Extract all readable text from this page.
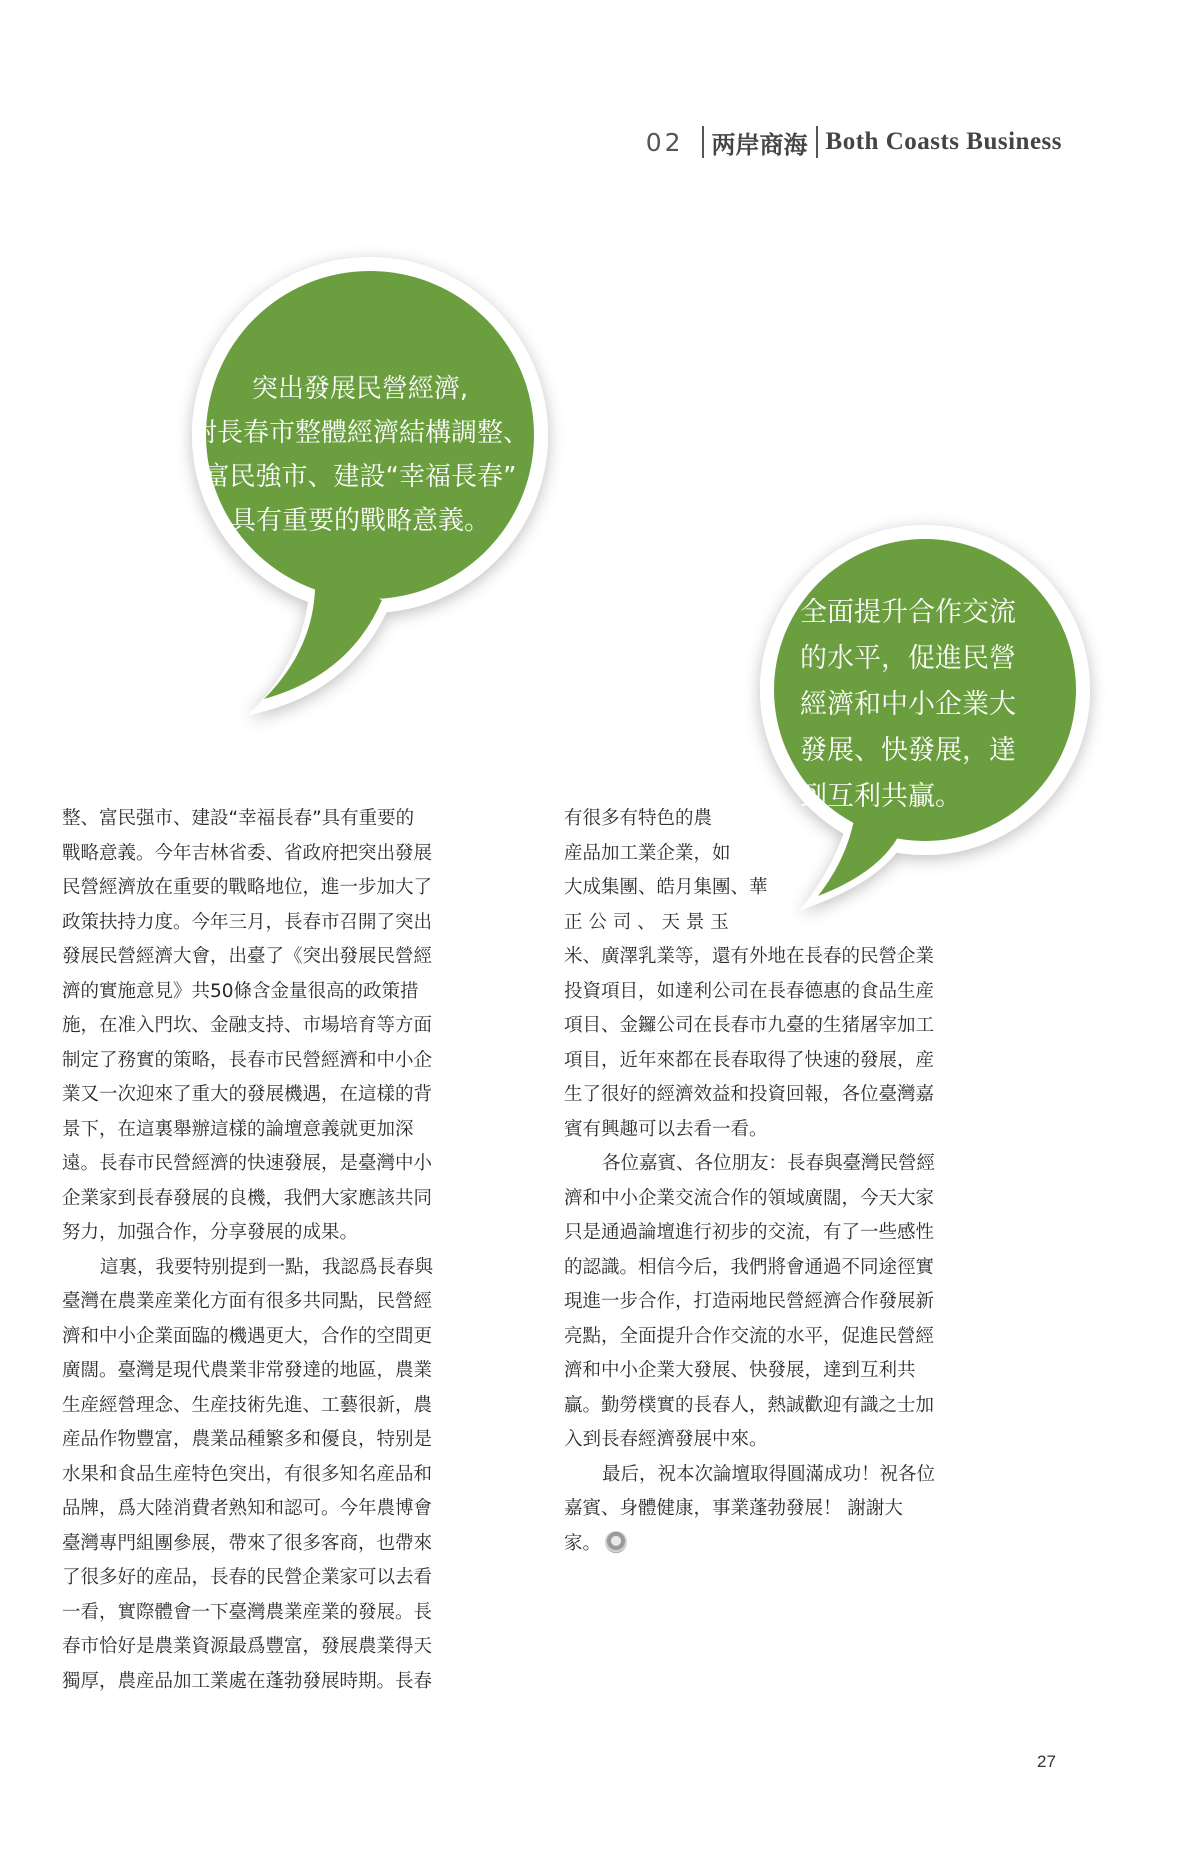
02 两岸商海 Both Coasts Business
突出發展民營經濟,
對長春市整體經濟結構調整、
富民強市、建設“幸福長春”
具有重要的戰略意義。
全面提升合作交流
的水平，促進民營
經濟和中小企業大
發展、快發展，達
到互利共贏。
整、富民强市、建設“幸福長春”具有重要的
戰略意義。今年吉林省委、省政府把突出發展
民營經濟放在重要的戰略地位，進一步加大了
政策扶持力度。今年三月，長春市召開了突出
發展民營經濟大會，出臺了《突出發展民營經
濟的實施意見》共50條含金量很高的政策措
施，在准入門坎、金融支持、市場培育等方面
制定了務實的策略，長春市民營經濟和中小企
業又一次迎來了重大的發展機遇，在這樣的背
景下，在這裏舉辦這樣的論壇意義就更加深
遠。長春市民營經濟的快速發展，是臺灣中小
企業家到長春發展的良機，我們大家應該共同
努力，加强合作，分享發展的成果。
這裏，我要特别提到一點，我認爲長春與
臺灣在農業産業化方面有很多共同點，民營經
濟和中小企業面臨的機遇更大，合作的空間更
廣闊。臺灣是現代農業非常發達的地區，農業
生産經營理念、生産技術先進、工藝很新，農
産品作物豐富，農業品種繁多和優良，特别是
水果和食品生産特色突出，有很多知名産品和
品牌，爲大陸消費者熟知和認可。今年農博會
臺灣專門組團參展，帶來了很多客商，也帶來
了很多好的産品，長春的民營企業家可以去看
一看，實際體會一下臺灣農業産業的發展。長
春市恰好是農業資源最爲豐富，發展農業得天
獨厚，農産品加工業處在蓬勃發展時期。長春
有很多有特色的農
産品加工業企業，如
大成集團、皓月集團、華
正 公 司 、 天 景 玉
米、廣澤乳業等，還有外地在長春的民營企業
投資項目，如達利公司在長春德惠的食品生産
項目、金鑼公司在長春市九臺的生猪屠宰加工
項目，近年來都在長春取得了快速的發展，産
生了很好的經濟效益和投資回報，各位臺灣嘉
賓有興趣可以去看一看。
各位嘉賓、各位朋友：長春與臺灣民營經
濟和中小企業交流合作的領域廣闊，今天大家
只是通過論壇進行初步的交流，有了一些感性
的認識。相信今后，我們將會通過不同途徑實
現進一步合作，打造兩地民營經濟合作發展新
亮點，全面提升合作交流的水平，促進民營經
濟和中小企業大發展、快發展，達到互利共
贏。勤勞樸實的長春人，熱誠歡迎有識之士加
入到長春經濟發展中來。
最后，祝本次論壇取得圓滿成功！祝各位
嘉賓、身體健康，事業蓬勃發展！ 謝謝大
家。
27
